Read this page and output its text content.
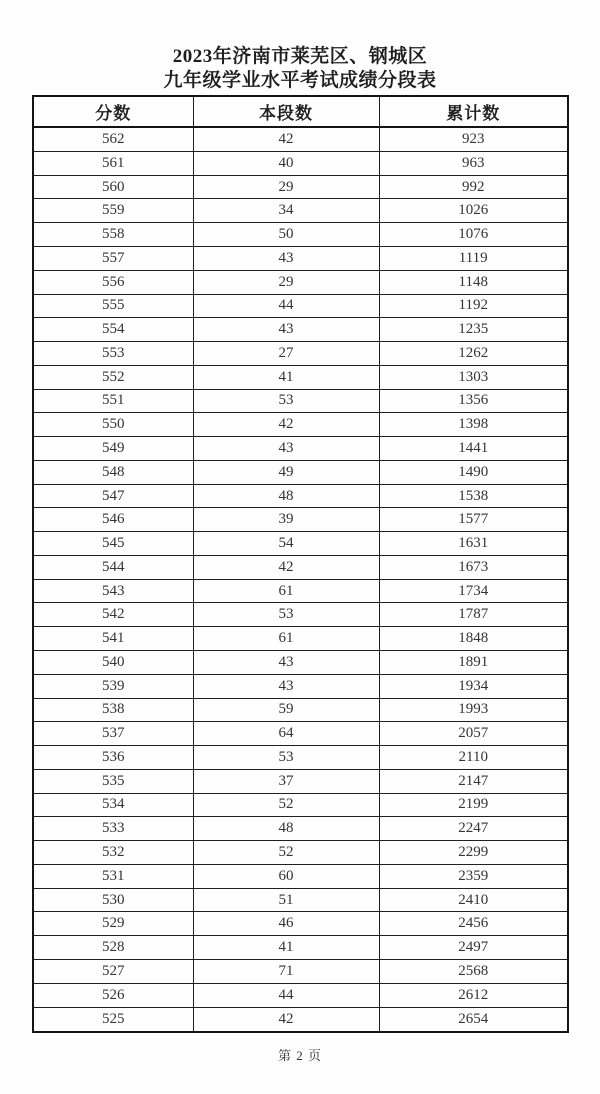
2023年济南市莱芜区、钢城区
九年级学业水平考试成绩分段表
分数	本段数	累计数
562	42	923
561	40	963
560	29	992
559	34	1026
558	50	1076
557	43	1119
556	29	1148
555	44	1192
554	43	1235
553	27	1262
552	41	1303
551	53	1356
550	42	1398
549	43	1441
548	49	1490
547	48	1538
546	39	1577
545	54	1631
544	42	1673
543	61	1734
542	53	1787
541	61	1848
540	43	1891
539	43	1934
538	59	1993
537	64	2057
536	53	2110
535	37	2147
534	52	2199
533	48	2247
532	52	2299
531	60	2359
530	51	2410
529	46	2456
528	41	2497
527	71	2568
526	44	2612
525	42	2654
第 2 页
